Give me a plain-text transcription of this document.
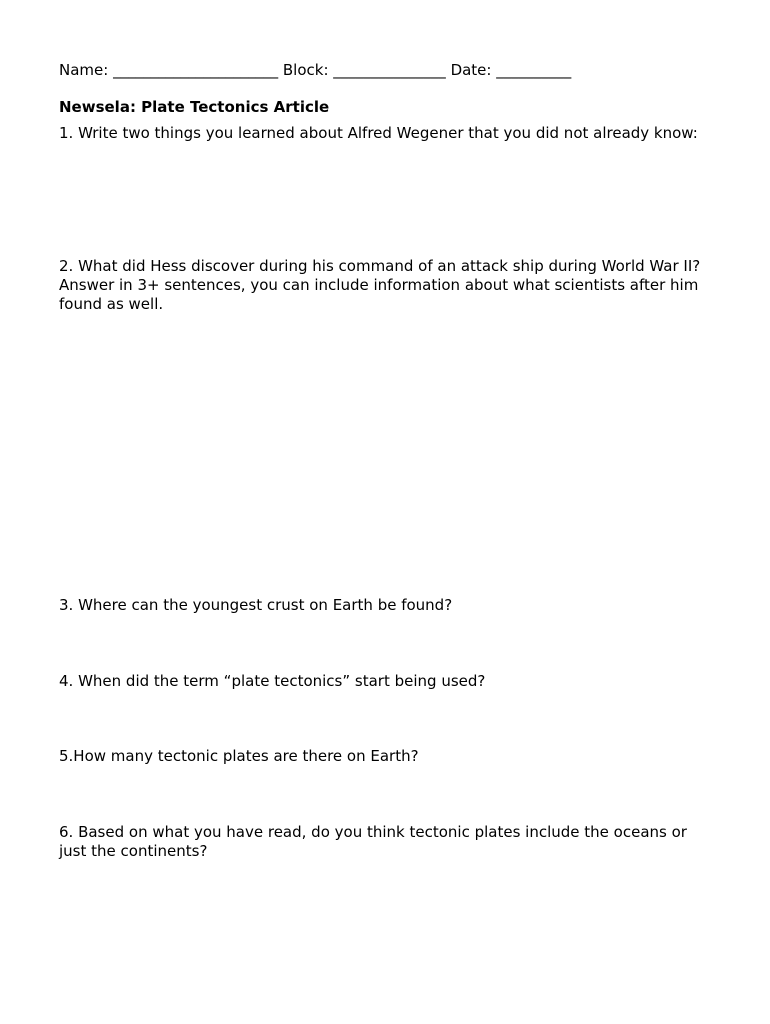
Name: ______________________ Block: _______________ Date: __________

Newsela: Plate Tectonics Article

1. Write two things you learned about Alfred Wegener that you did not already know:

2. What did Hess discover during his command of an attack ship during World War II? Answer in 3+ sentences, you can include information about what scientists after him found as well.

3. Where can the youngest crust on Earth be found?

4. When did the term “plate tectonics” start being used?

5.How many tectonic plates are there on Earth?

6. Based on what you have read, do you think tectonic plates include the oceans or just the continents?
